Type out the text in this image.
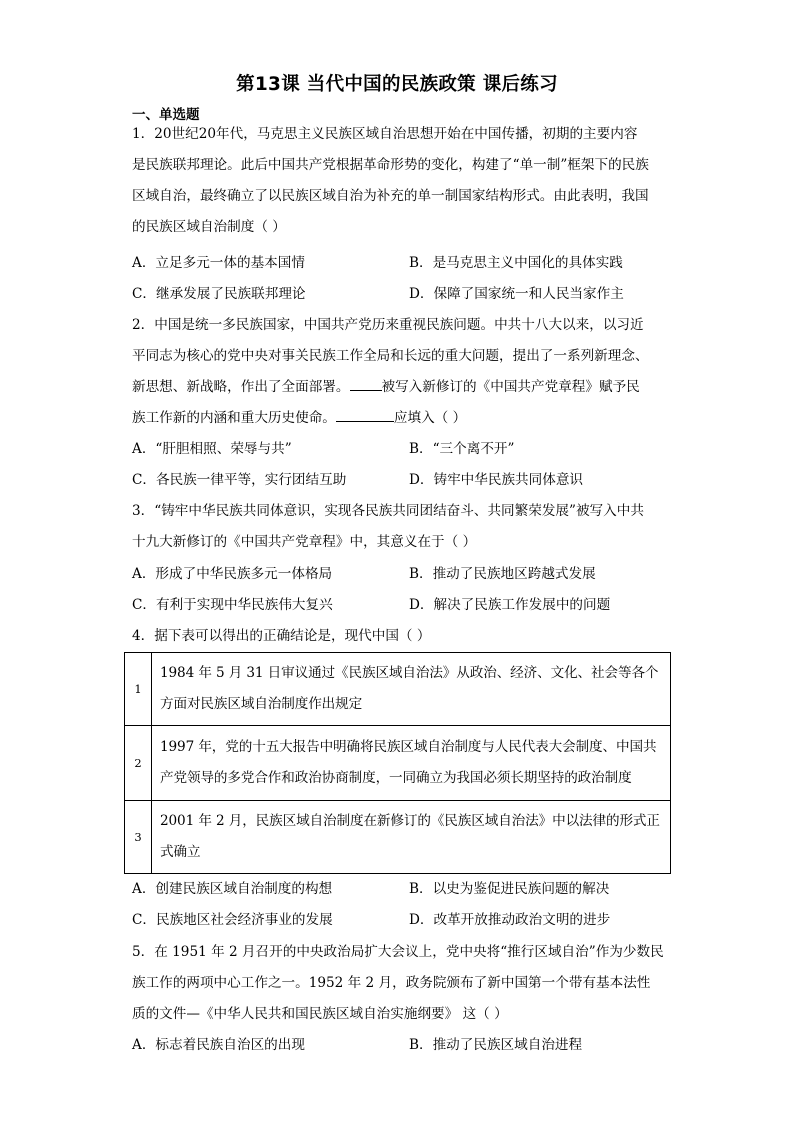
第13课 当代中国的民族政策 课后练习
一、单选题
1．20世纪20年代，马克思主义民族区域自治思想开始在中国传播，初期的主要内容
是民族联邦理论。此后中国共产党根据革命形势的变化，构建了“单一制”框架下的民族
区域自治，最终确立了以民族区域自治为补充的单一制国家结构形式。由此表明，我国
的民族区域自治制度（ ）
A．立足多元一体的基本国情	B．是马克思主义中国化的具体实践
C．继承发展了民族联邦理论	D．保障了国家统一和人民当家作主
2．中国是统一多民族国家，中国共产党历来重视民族问题。中共十八大以来，以习近
平同志为核心的党中央对事关民族工作全局和长远的重大问题，提出了一系列新理念、
新思想、新战略，作出了全面部署。 被写入新修订的《中国共产党章程》赋予民
族工作新的内涵和重大历史使命。	应填入（ ）
A．“肝胆相照、荣辱与共”	B．“三个离不开”
C．各民族一律平等，实行团结互助	D．铸牢中华民族共同体意识
3．“铸牢中华民族共同体意识，实现各民族共同团结奋斗、共同繁荣发展”被写入中共
十九大新修订的《中国共产党章程》中，其意义在于（ ）
A．形成了中华民族多元一体格局	B．推动了民族地区跨越式发展
C．有利于实现中华民族伟大复兴	D．解决了民族工作发展中的问题
4．据下表可以得出的正确结论是，现代中国（ ）
1	1984 年 5 月 31 日审议通过《民族区域自治法》从政治、经济、文化、社会等各个
方面对民族区域自治制度作出规定

2	1997 年，党的十五大报告中明确将民族区域自治制度与人民代表大会制度、中国共
产党领导的多党合作和政治协商制度，一同确立为我国必须长期坚持的政治制度

3	2001 年 2 月，民族区域自治制度在新修订的《民族区域自治法》中以法律的形式正
式确立
A．创建民族区域自治制度的构想	B．以史为鉴促进民族问题的解决
C．民族地区社会经济事业的发展	D．改革开放推动政治文明的进步
5．在 1951 年 2 月召开的中央政治局扩大会议上，党中央将“推行区域自治”作为少数民
族工作的两项中心工作之一。1952 年 2 月，政务院颁布了新中国第一个带有基本法性
质的文件—《中华人民共和国民族区域自治实施纲要》 这（ ）
A．标志着民族自治区的出现	B．推动了民族区域自治进程
